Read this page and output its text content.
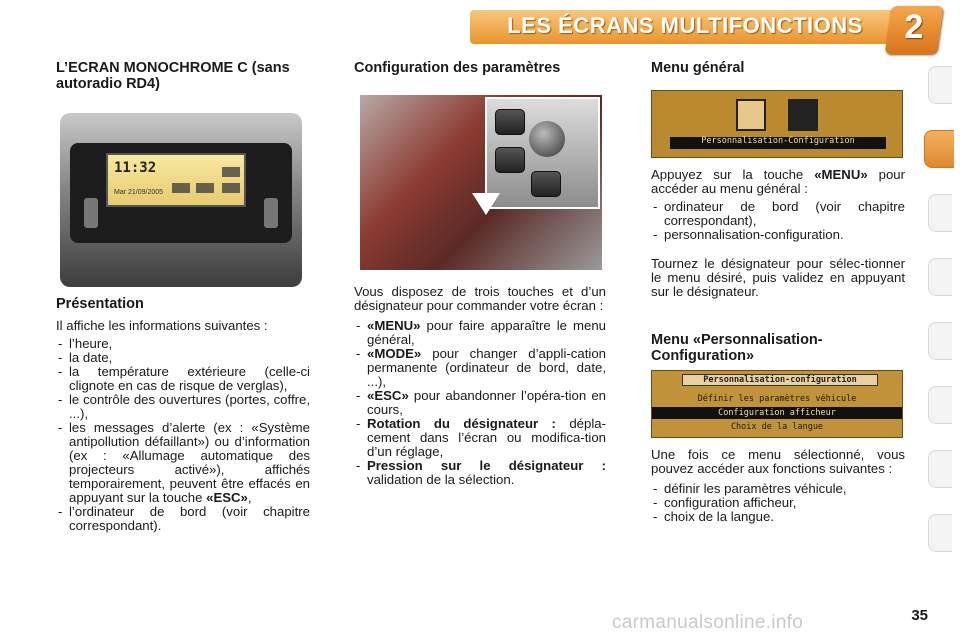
LES ÉCRANS MULTIFONCTIONS	2
L’ECRAN MONOCHROME C (sans autoradio RD4)
11:32
Mar 21/09/2005
Présentation

Il affiche les informations suivantes :

- l’heure,
- la date,
- la température extérieure (celle-ci clignote en cas de risque de verglas),
- le contrôle des ouvertures (portes, coffre, ...),
- les messages d’alerte (ex : «Système antipollution défaillant») ou d’information (ex : «Allumage automatique des projecteurs activé»), affichés temporairement, peuvent être effacés en appuyant sur la touche «ESC»,
- l’ordinateur de bord (voir chapitre correspondant).
Configuration des paramètres

Vous disposez de trois touches et d’un désignateur pour commander votre écran :

- «MENU» pour faire apparaître le menu général,
- «MODE» pour changer d’appli-cation permanente (ordinateur de bord, date, ...),
- «ESC» pour abandonner l’opéra-tion en cours,
- Rotation du désignateur : dépla-cement dans l’écran ou modifica-tion d’un réglage,
- Pression sur le désignateur : validation de la sélection.
Menu général
Personnalisation-Configuration

Appuyez sur la touche «MENU» pour accéder au menu général :

- ordinateur de bord (voir chapitre correspondant),
- personnalisation-configuration.

Tournez le désignateur pour sélec-tionner le menu désiré, puis validez en appuyant sur le désignateur.

Menu «Personnalisation-Configuration»
Personnalisation-configuration
Définir les paramètres véhicule
Configuration afficheur
Choix de la langue

Une fois ce menu sélectionné, vous pouvez accéder aux fonctions suivantes :

- définir les paramètres véhicule,
- configuration afficheur,
- choix de la langue.
carmanualsonline.info	35
